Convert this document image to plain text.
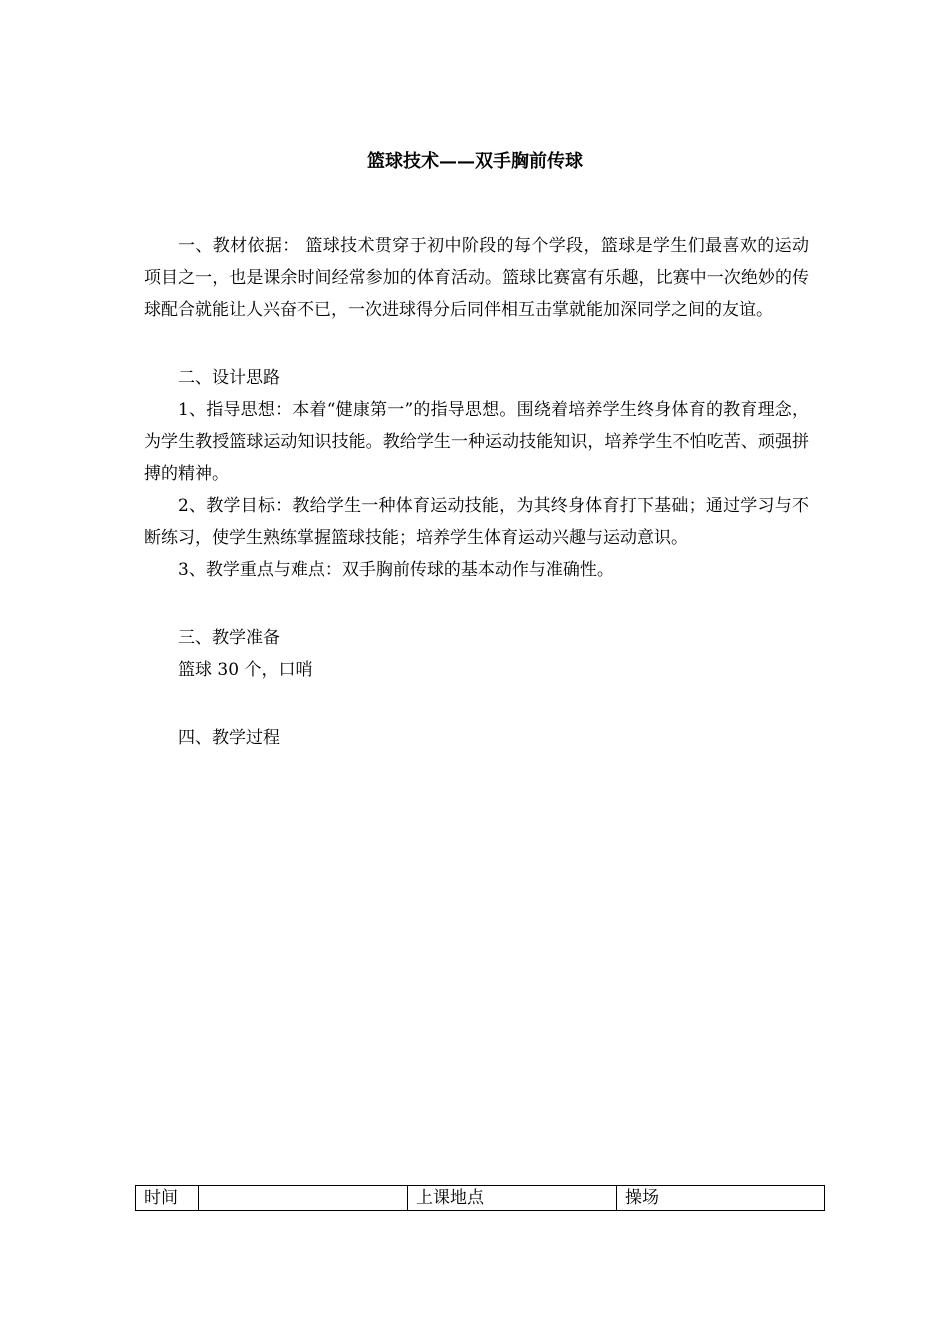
篮球技术——双手胸前传球

一、教材依据： 篮球技术贯穿于初中阶段的每个学段，篮球是学生们最喜欢的运动项目之一，也是课余时间经常参加的体育活动。篮球比赛富有乐趣，比赛中一次绝妙的传球配合就能让人兴奋不已，一次进球得分后同伴相互击掌就能加深同学之间的友谊。

二、设计思路

1、指导思想：本着“健康第一”的指导思想。围绕着培养学生终身体育的教育理念，为学生教授篮球运动知识技能。教给学生一种运动技能知识，培养学生不怕吃苦、顽强拼搏的精神。

2、教学目标：教给学生一种体育运动技能，为其终身体育打下基础；通过学习与不断练习，使学生熟练掌握篮球技能；培养学生体育运动兴趣与运动意识。

3、教学重点与难点：双手胸前传球的基本动作与准确性。

三、教学准备

篮球 30 个，口哨

四、教学过程

时间		上课地点	操场
